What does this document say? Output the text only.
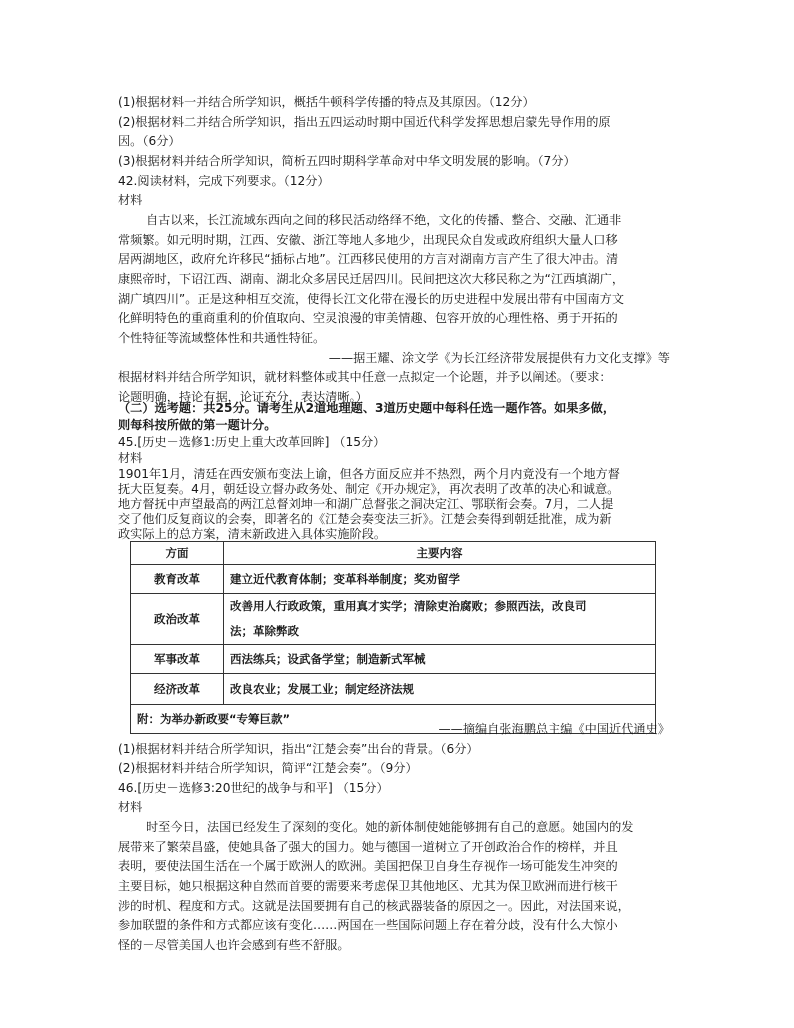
(1)根据材料一并结合所学知识，概括牛顿科学传播的特点及其原因。（12分）
(2)根据材料二并结合所学知识，指出五四运动时期中国近代科学发挥思想启蒙先导作用的原
因。（6分）
(3)根据材料并结合所学知识，简析五四时期科学革命对中华文明发展的影响。（7分）
42.阅读材料，完成下列要求。（12分）
材料
自古以来，长江流域东西向之间的移民活动络绎不绝，文化的传播、整合、交融、汇通非
常频繁。如元明时期，江西、安徽、浙江等地人多地少，出现民众自发或政府组织大量人口移
居两湖地区，政府允许移民“插标占地”。江西移民使用的方言对湖南方言产生了很大冲击。清
康熙帝时，下诏江西、湖南、湖北众多居民迁居四川。民间把这次大移民称之为“江西填湖广，
湖广填四川”。正是这种相互交流，使得长江文化带在漫长的历史进程中发展出带有中国南方文
化鲜明特色的重商重利的价值取向、空灵浪漫的审美情趣、包容开放的心理性格、勇于开拓的
个性特征等流域整体性和共通性特征。
——据王耀、涂文学《为长江经济带发展提供有力文化支撑》等
根据材料并结合所学知识，就材料整体或其中任意一点拟定一个论题，并予以阐述。（要求：
论题明确，持论有据，论证充分，表达清晰。）
（二）选考题：共25分。请考生从2道地理题、3道历史题中每科任选一题作答。如果多做，
则每科按所做的第一题计分。
45.[历史－选修1:历史上重大改革回眸] （15分）
材料
1901年1月，清廷在西安颁布变法上谕，但各方面反应并不热烈，两个月内竟没有一个地方督
抚大臣复奏。4月，朝廷设立督办政务处、制定《开办规定》，再次表明了改革的决心和诚意。
地方督抚中声望最高的两江总督刘坤一和湖广总督张之洞决定江、鄂联衔会奏。7月，二人提
方面	主要内容
教育改革	建立近代教育体制；变革科举制度；奖劝留学
政治改革	改善用人行政政策，重用真才实学；清除吏治腐败；参照西法，改良司
法；革除弊政

军事改革	西法练兵；设武备学堂；制造新式军械
经济改革	改良农业；发展工业；制定经济法规
附：为举办新政要“专筹巨款”	
——摘编自张海鹏总主编《中国近代通史》
(1)根据材料并结合所学知识，指出“江楚会奏”出台的背景。（6分）
(2)根据材料并结合所学知识，简评“江楚会奏”。（9分）
46.[历史－选修3:20世纪的战争与和平] （15分）
材料
时至今日，法国已经发生了深刻的变化。她的新体制使她能够拥有自己的意愿。她国内的发
展带来了繁荣昌盛，使她具备了强大的国力。她与德国一道树立了开创政治合作的榜样，并且
表明，要使法国生活在一个属于欧洲人的欧洲。美国把保卫自身生存视作一场可能发生冲突的
主要目标，她只根据这种自然而首要的需要来考虑保卫其他地区、尤其为保卫欧洲而进行核干
涉的时机、程度和方式。这就是法国要拥有自己的核武器装备的原因之一。因此，对法国来说，
参加联盟的条件和方式都应该有变化……两国在一些国际问题上存在着分歧，没有什么大惊小
怪的－尽管美国人也许会感到有些不舒服。
交了他们反复商议的会奏，即著名的《江楚会奏变法三折》。江楚会奏得到朝廷批准，成为新
政实际上的总方案，清末新政进入具体实施阶段。
